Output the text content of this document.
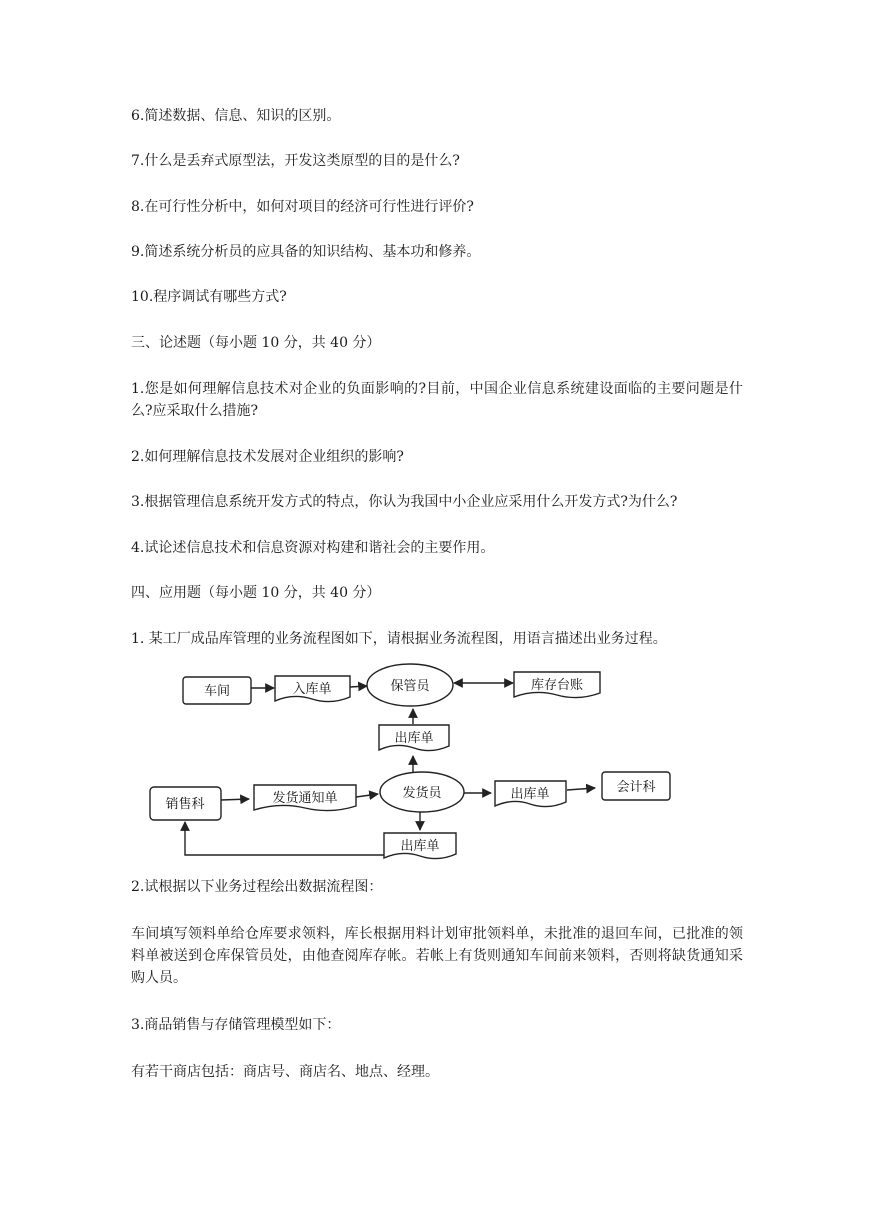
6.简述数据、信息、知识的区别。
7.什么是丢弃式原型法，开发这类原型的目的是什么?
8.在可行性分析中，如何对项目的经济可行性进行评价?
9.简述系统分析员的应具备的知识结构、基本功和修养。
10.程序调试有哪些方式?
三、论述题（每小题 10 分，共 40 分）
1.您是如何理解信息技术对企业的负面影响的?目前，中国企业信息系统建设面临的主要问题是什么?应采取什么措施?
2.如何理解信息技术发展对企业组织的影响?
3.根据管理信息系统开发方式的特点，你认为我国中小企业应采用什么开发方式?为什么?
4.试论述信息技术和信息资源对构建和谐社会的主要作用。
四、应用题（每小题 10 分，共 40 分）
1. 某工厂成品库管理的业务流程图如下，请根据业务流程图，用语言描述出业务过程。
车间	入库单	保管员	库存台账
出库单
销售科	发货通知单	发货员	出库单	会计科
出库单
2.试根据以下业务过程绘出数据流程图：
车间填写领料单给仓库要求领料，库长根据用料计划审批领料单，未批准的退回车间，已批准的领料单被送到仓库保管员处，由他查阅库存帐。若帐上有货则通知车间前来领料，否则将缺货通知采购人员。
3.商品销售与存储管理模型如下：
有若干商店包括：商店号、商店名、地点、经理。
